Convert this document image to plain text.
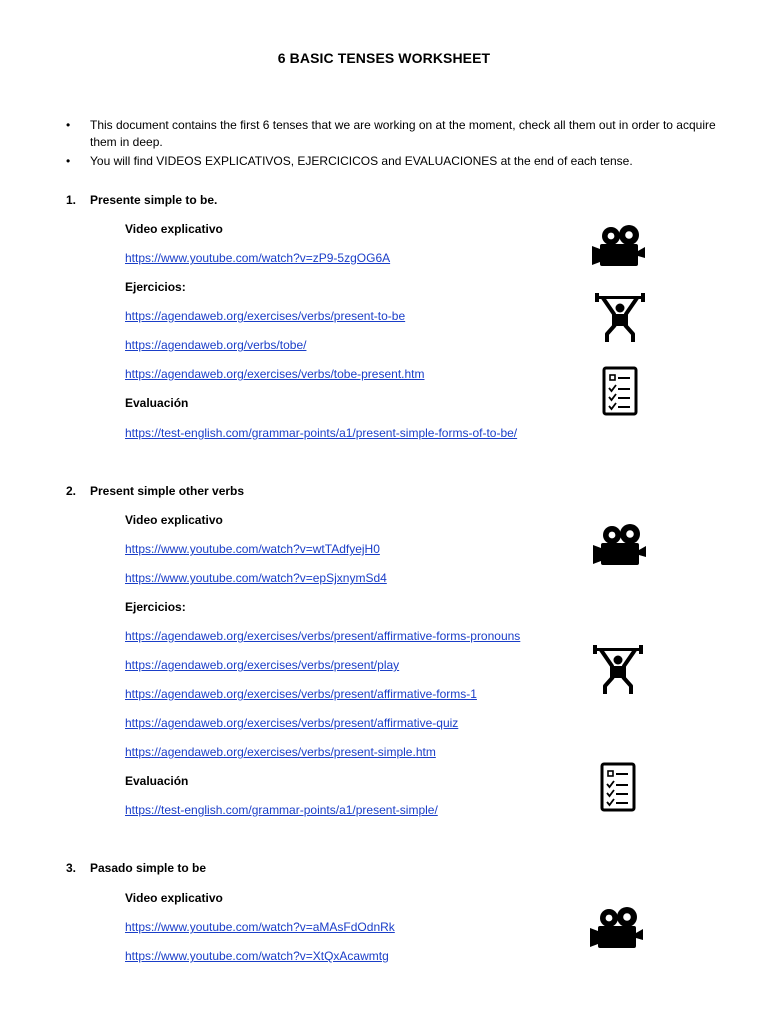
6 BASIC TENSES WORKSHEET
• This document contains the first 6 tenses that we are working on at the moment, check all them out in order to acquire them in deep.
• You will find VIDEOS EXPLICATIVOS, EJERCICICOS and EVALUACIONES at the end of each tense.
1. Presente simple to be.
Video explicativo
https://www.youtube.com/watch?v=zP9-5zgOG6A
Ejercicios:
https://agendaweb.org/exercises/verbs/present-to-be
https://agendaweb.org/verbs/tobe/
https://agendaweb.org/exercises/verbs/tobe-present.htm
Evaluación
https://test-english.com/grammar-points/a1/present-simple-forms-of-to-be/
2. Present simple other verbs
Video explicativo
https://www.youtube.com/watch?v=wtTAdfyejH0
https://www.youtube.com/watch?v=epSjxnymSd4
Ejercicios:
https://agendaweb.org/exercises/verbs/present/affirmative-forms-pronouns
https://agendaweb.org/exercises/verbs/present/play
https://agendaweb.org/exercises/verbs/present/affirmative-forms-1
https://agendaweb.org/exercises/verbs/present/affirmative-quiz
https://agendaweb.org/exercises/verbs/present-simple.htm
Evaluación
https://test-english.com/grammar-points/a1/present-simple/
3. Pasado simple to be
Video explicativo
https://www.youtube.com/watch?v=aMAsFdOdnRk
https://www.youtube.com/watch?v=XtQxAcawmtg
